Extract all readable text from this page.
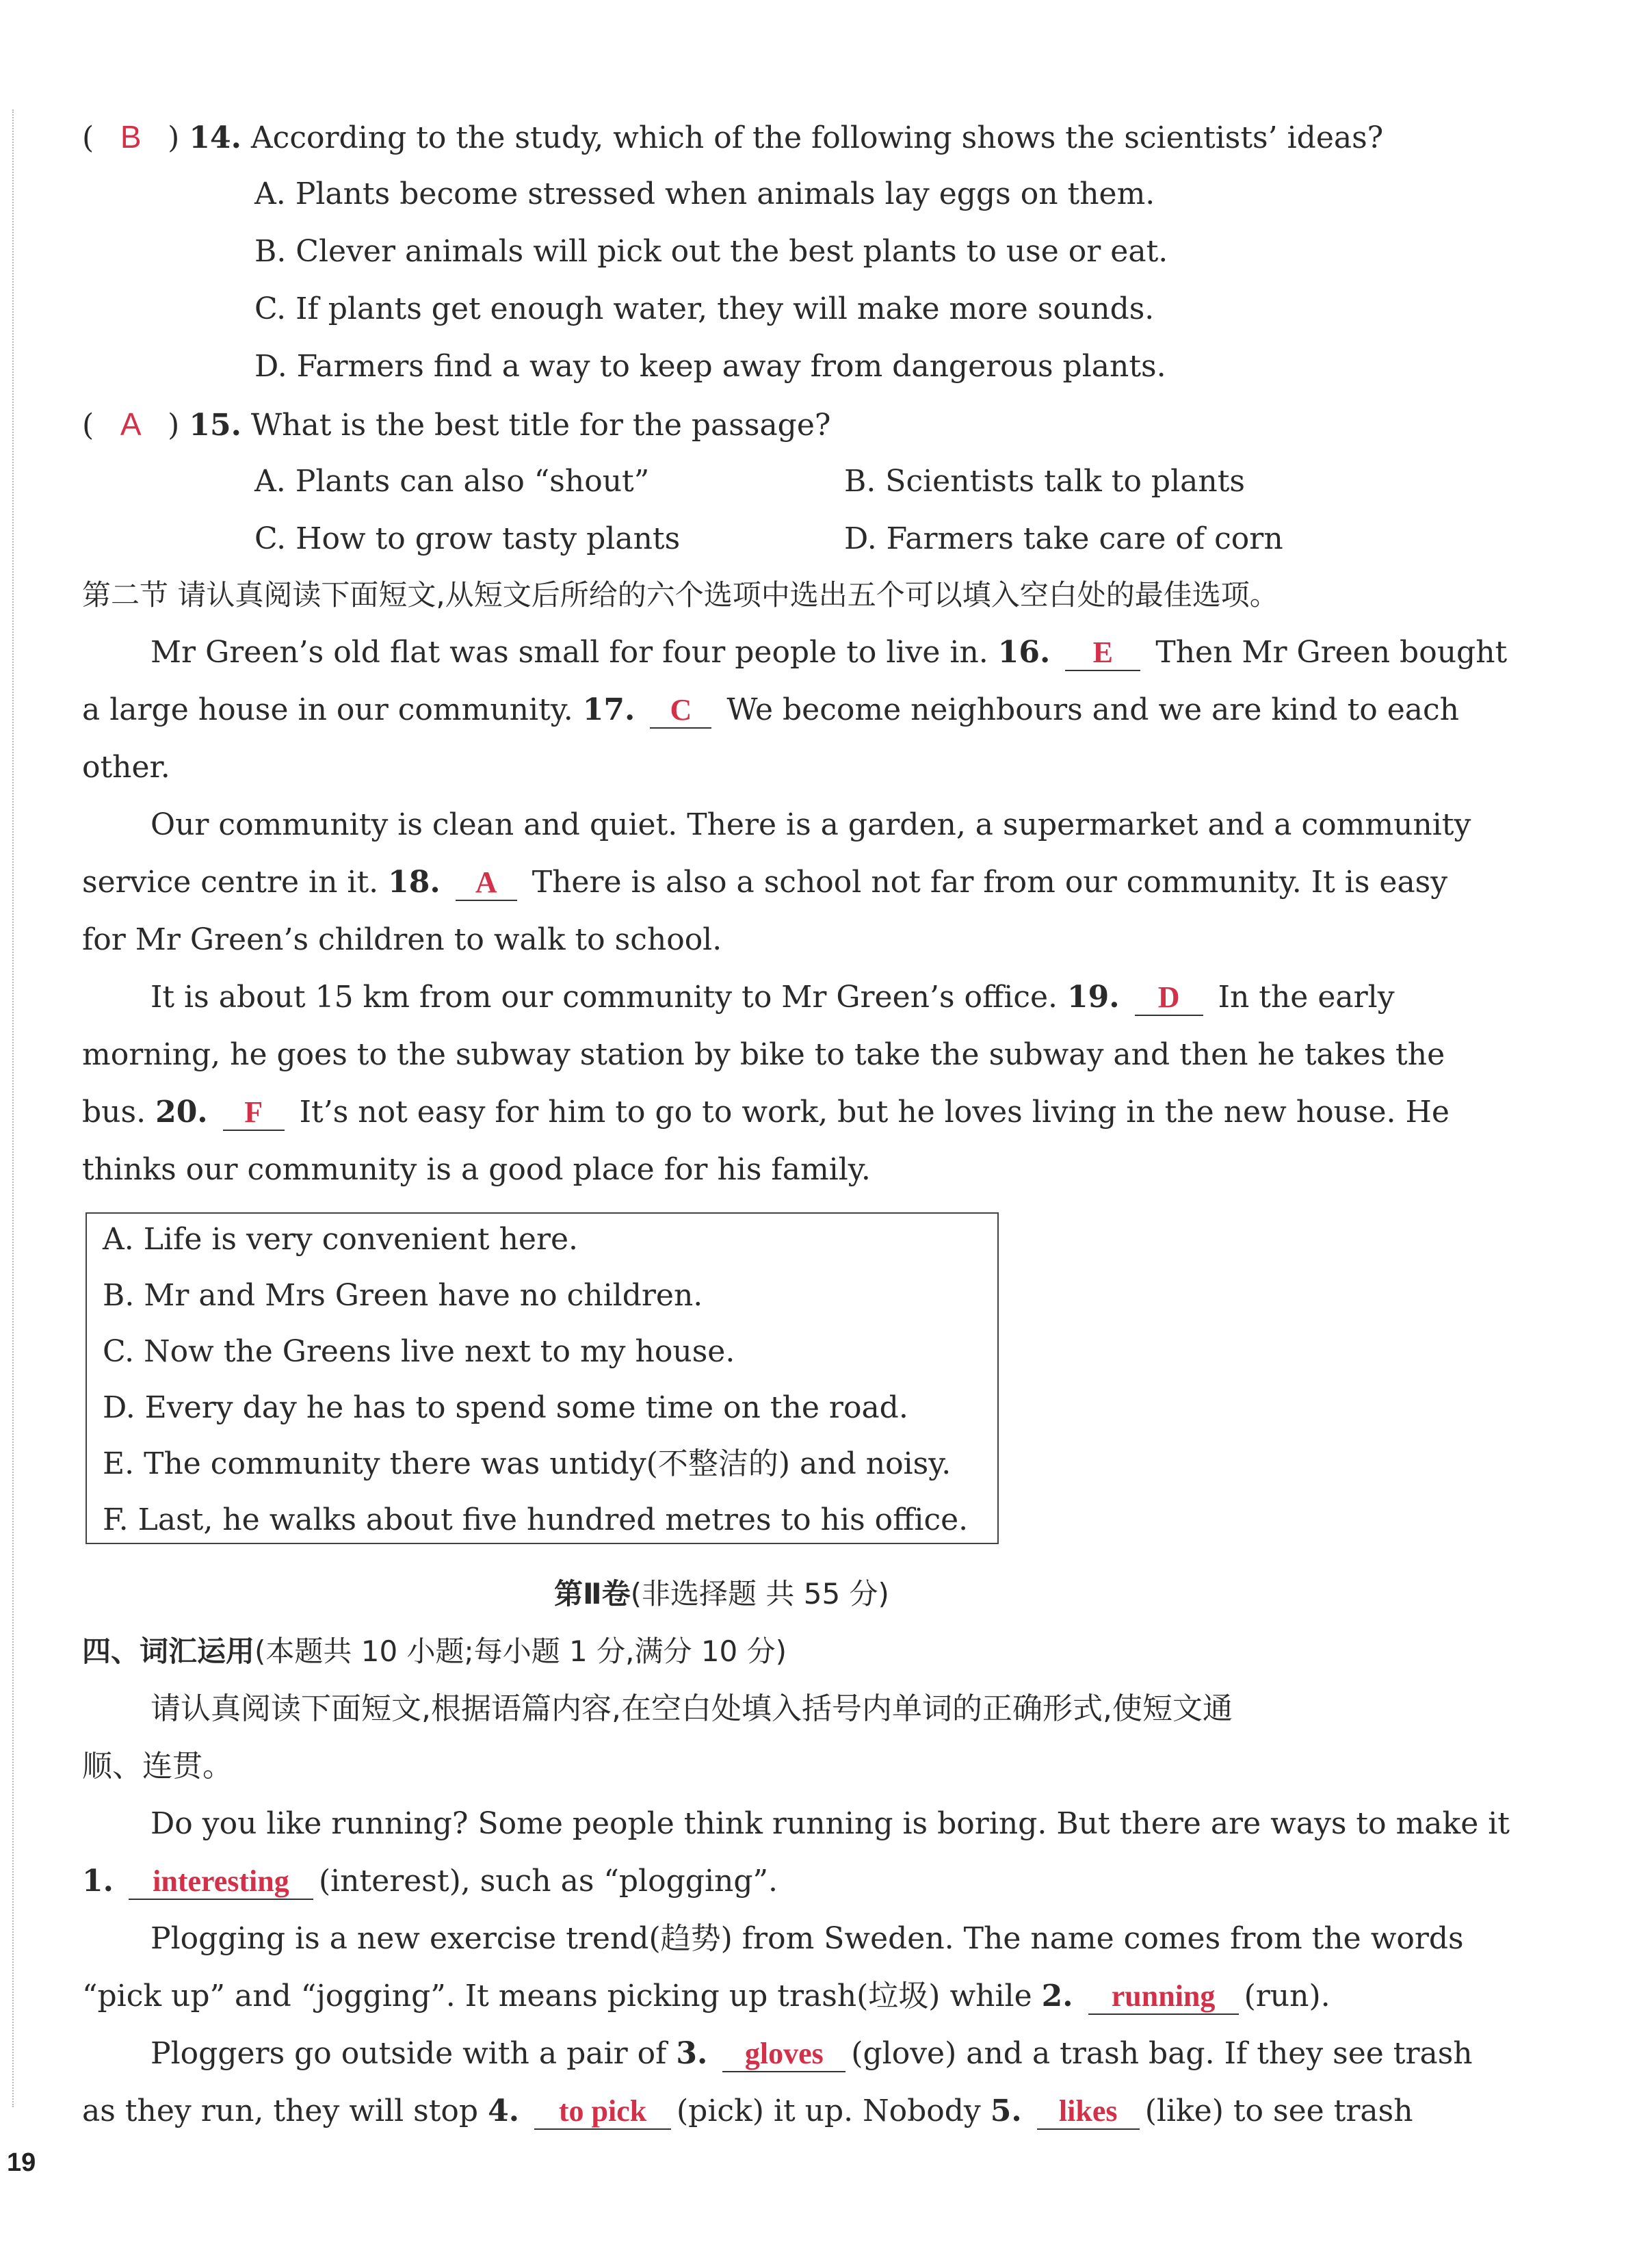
( B ) 14. According to the study, which of the following shows the scientists’ ideas?
A. Plants become stressed when animals lay eggs on them.
B. Clever animals will pick out the best plants to use or eat.
C. If plants get enough water, they will make more sounds.
D. Farmers find a way to keep away from dangerous plants.
( A ) 15. What is the best title for the passage?
A. Plants can also “shout”	B. Scientists talk to plants
C. How to grow tasty plants	D. Farmers take care of corn
第二节 请认真阅读下面短文,从短文后所给的六个选项中选出五个可以填入空白处的最佳选项。
Mr Green’s old flat was small for four people to live in. 16. E Then Mr Green bought
a large house in our community. 17. C We become neighbours and we are kind to each
other.
Our community is clean and quiet. There is a garden, a supermarket and a community
service centre in it. 18. A There is also a school not far from our community. It is easy
for Mr Green’s children to walk to school.
It is about 15 km from our community to Mr Green’s office. 19. D In the early
morning, he goes to the subway station by bike to take the subway and then he takes the
bus. 20. F It’s not easy for him to go to work, but he loves living in the new house. He
thinks our community is a good place for his family.
A. Life is very convenient here.
B. Mr and Mrs Green have no children.
C. Now the Greens live next to my house.
D. Every day he has to spend some time on the road.
E. The community there was untidy(不整洁的) and noisy.
F. Last, he walks about five hundred metres to his office.
第Ⅱ卷(非选择题 共 55 分)
四、词汇运用(本题共 10 小题;每小题 1 分,满分 10 分)
请认真阅读下面短文,根据语篇内容,在空白处填入括号内单词的正确形式,使短文通
顺、连贯。
Do you like running? Some people think running is boring. But there are ways to make it
1. interesting (interest), such as “plogging”.
Plogging is a new exercise trend(趋势) from Sweden. The name comes from the words
“pick up” and “jogging”. It means picking up trash(垃圾) while 2. running (run).
Ploggers go outside with a pair of 3. gloves (glove) and a trash bag. If they see trash
as they run, they will stop 4. to pick (pick) it up. Nobody 5. likes (like) to see trash
19
